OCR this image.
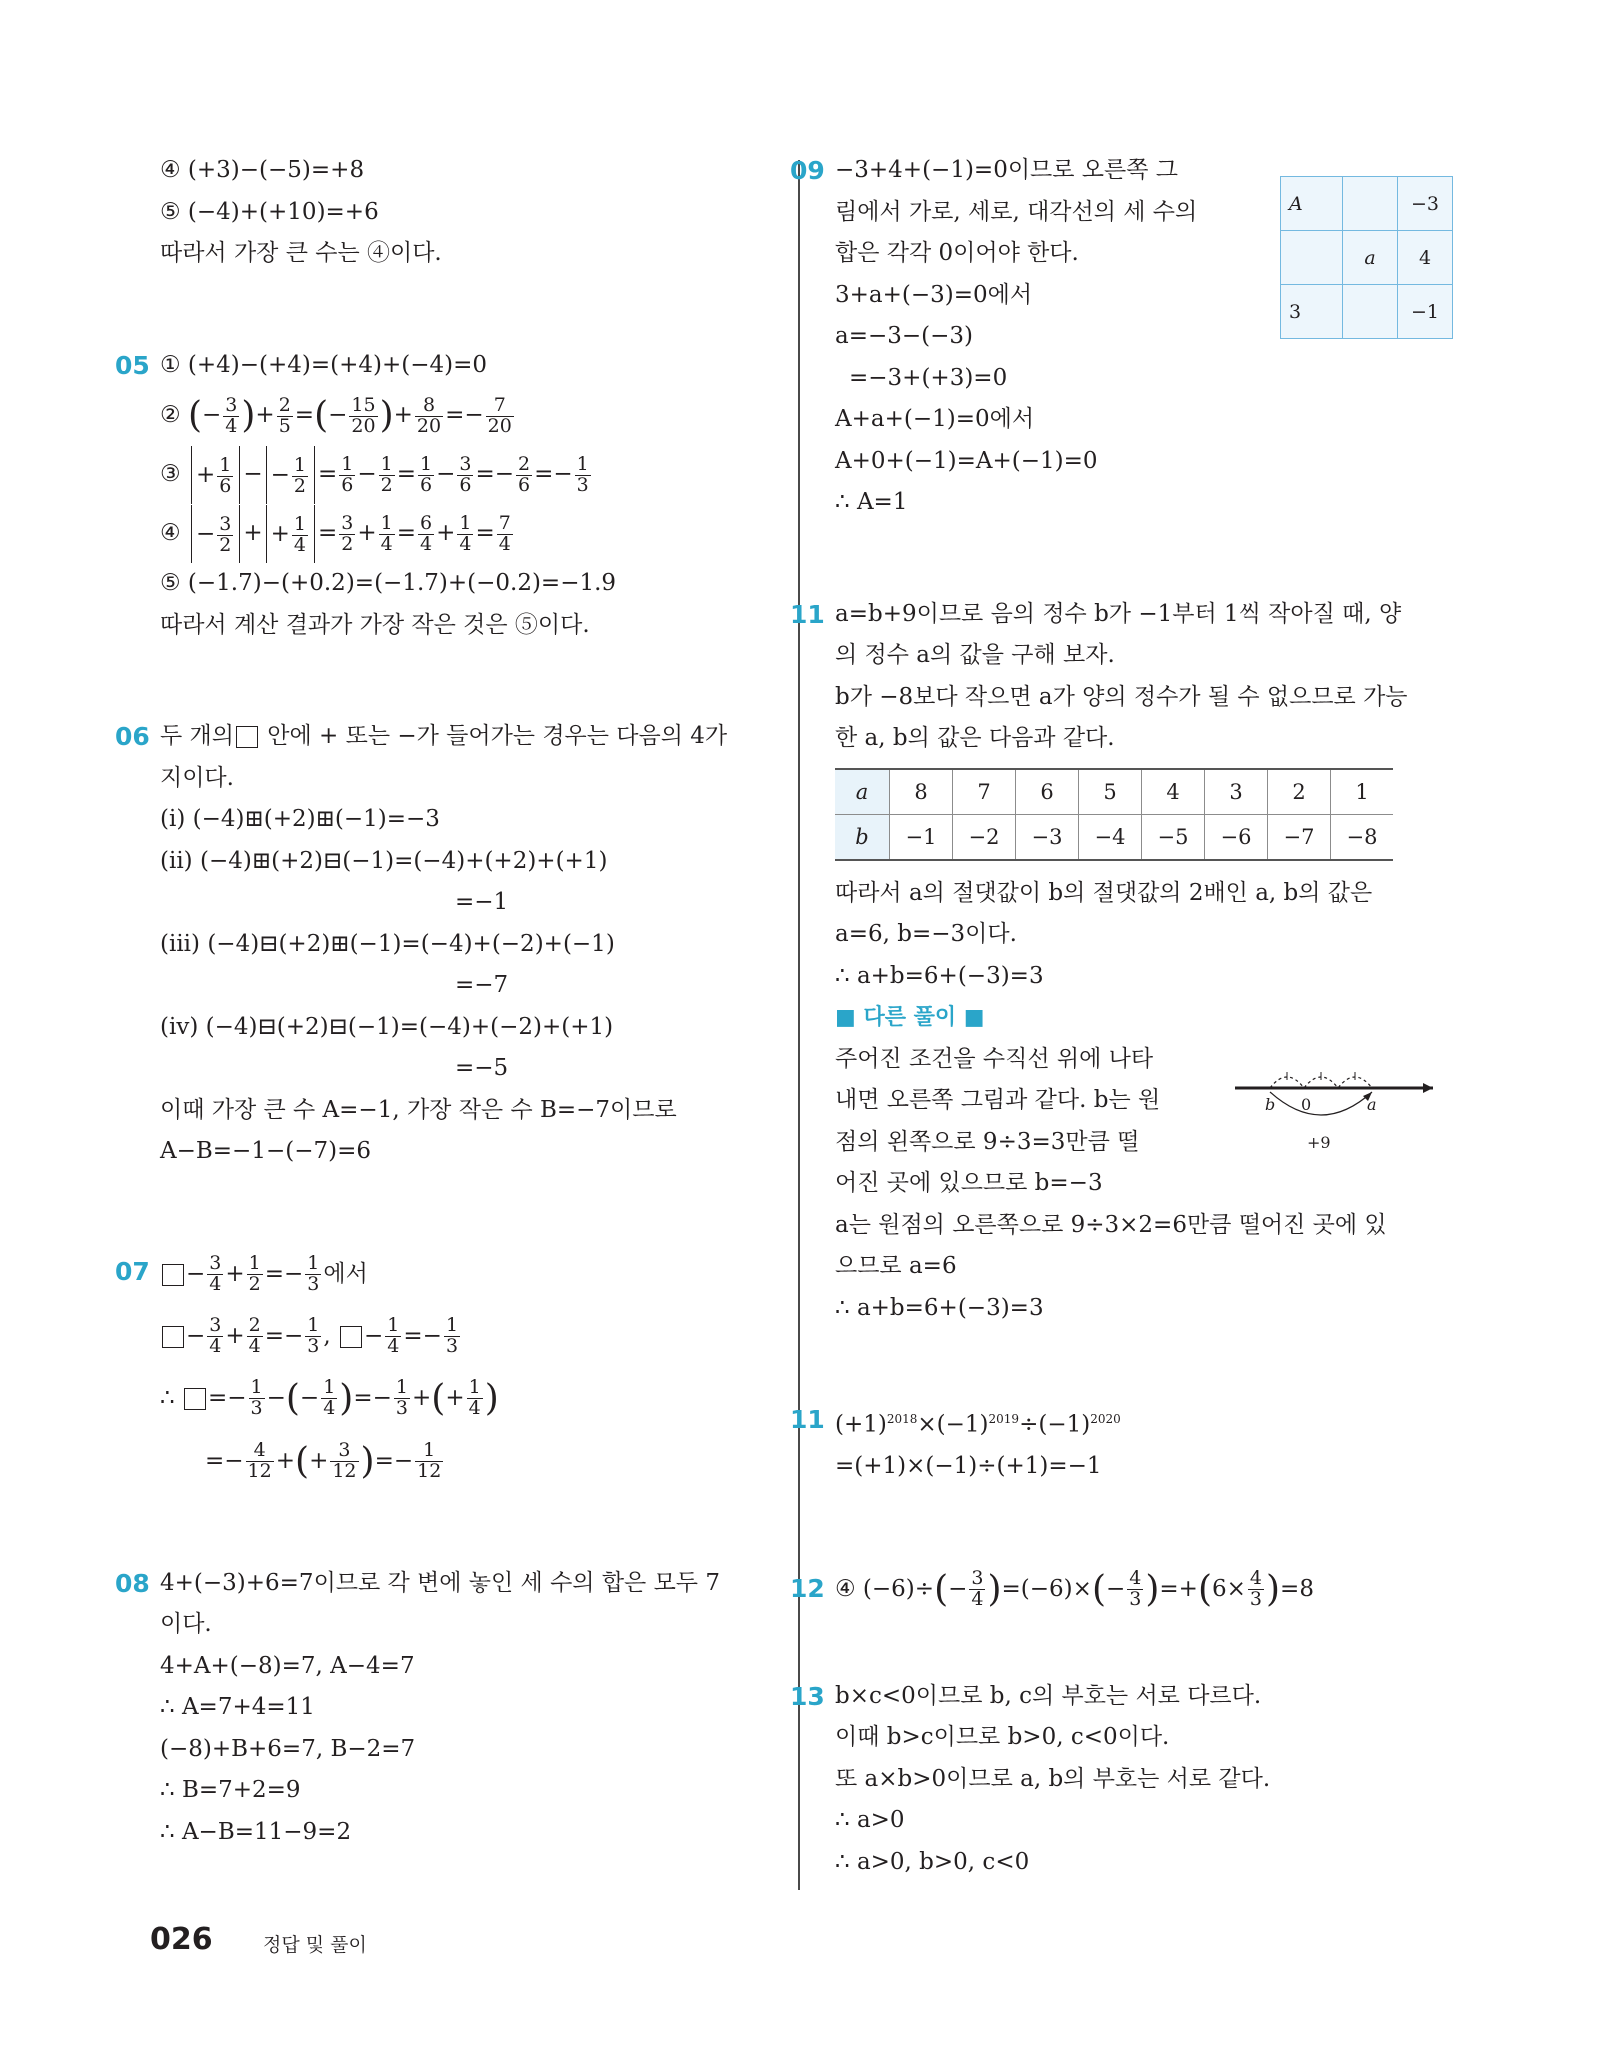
④ (+3)−(−5)=+8
⑤ (−4)+(+10)=+6
따라서 가장 큰 수는 ④이다.
05 ① (+4)−(+4)=(+4)+(−4)=0
② (− $\frac{3}{4}$ )+ $\frac{2}{5}$ =(− $\frac{15}{20}$ )+ $\frac{8}{20} =- \frac{7}{20}$
③ + $\frac{1}{6}$ − − $\frac{1}{2} = \frac{1}{6} - \frac{1}{2} = \frac{1}{6} - \frac{3}{6} =- \frac{2}{6} =- \frac{1}{3}$
④ − $\frac{3}{2}$ + + $\frac{1}{4} = \frac{3}{2} + \frac{1}{4} = \frac{6}{4} + \frac{1}{4} = \frac{7}{4}$
⑤ (−1.7)−(+0.2)=(−1.7)+(−0.2)=−1.9
따라서 계산 결과가 가장 작은 것은 ⑤이다.
06 두 개의 안에 + 또는 −가 들어가는 경우는 다음의 4가
지이다.
(i) (−4)⊞(+2)⊞(−1)=−3
(ii) (−4)⊞(+2)⊟(−1)=(−4)+(+2)+(+1)
=−1
(iii) (−4)⊟(+2)⊞(−1)=(−4)+(−2)+(−1)
=−7
(iv) (−4)⊟(+2)⊟(−1)=(−4)+(−2)+(+1)
=−5
이때 가장 큰 수 A=−1, 가장 작은 수 B=−7이므로
A−B=−1−(−7)=6
07	− $\frac{3}{4} + \frac{1}{2} =- \frac{1}{3}$ 에서
− $\frac{3}{4} + \frac{2}{4} =- \frac{1}{3}$ , − $\frac{1}{4} =- \frac{1}{3}$
∴ =− $\frac{1}{3}$ −(− $\frac{1}{4}$ )=− $\frac{1}{3}$ +(+ $\frac{1}{4}$ )
=− $\frac{4}{12}$ +(+ $\frac{3}{12}$ )=− $\frac{1}{12}$
08 4+(−3)+6=7이므로 각 변에 놓인 세 수의 합은 모두 7
이다.
4+A+(−8)=7, A−4=7
∴ A=7+4=11
(−8)+B+6=7, B−2=7
∴ B=7+2=9
∴ A−B=11−9=2
A		−3
	a	4
3		−1
b 0	a
+9
09 −3+4+(−1)=0이므로 오른쪽 그
림에서 가로, 세로, 대각선의 세 수의
합은 각각 0이어야 한다.
3+a+(−3)=0에서
a=−3−(−3)
=−3+(+3)=0
A+a+(−1)=0에서
A+0+(−1)=A+(−1)=0
∴ A=1
11 a=b+9이므로 음의 정수 b가 −1부터 1씩 작아질 때, 양
의 정수 a의 값을 구해 보자.
b가 −8보다 작으면 a가 양의 정수가 될 수 없으므로 가능
한 a, b의 값은 다음과 같다.
a	8	7	6	5	4	3	2	1
b	−1	−2	−3	−4	−5	−6	−7	−8
따라서 a의 절댓값이 b의 절댓값의 2배인 a, b의 값은
a=6, b=−3이다.
∴ a+b=6+(−3)=3
■ 다른 풀이 ■
주어진 조건을 수직선 위에 나타
내면 오른쪽 그림과 같다. b는 원
점의 왼쪽으로 9÷3=3만큼 떨
어진 곳에 있으므로 b=−3
a는 원점의 오른쪽으로 9÷3×2=6만큼 떨어진 곳에 있
으므로 a=6
∴ a+b=6+(−3)=3
11 $(+1)^{2018}\times(-1)^{2019}\div(-1)^{2020}$
=(+1)×(−1)÷(+1)=−1
12 ④ $(-6)\div(- \frac{3}{4} )=(-6)\times(- \frac{4}{3} )=+(6\times \frac{4}{3} )=8$
13 b×c<0이므로 b, c의 부호는 서로 다르다.
이때 b>c이므로 b>0, c<0이다.
또 a×b>0이므로 a, b의 부호는 서로 같다.
∴ a>0
∴ a>0, b>0, c<0
026	정답 및 풀이
